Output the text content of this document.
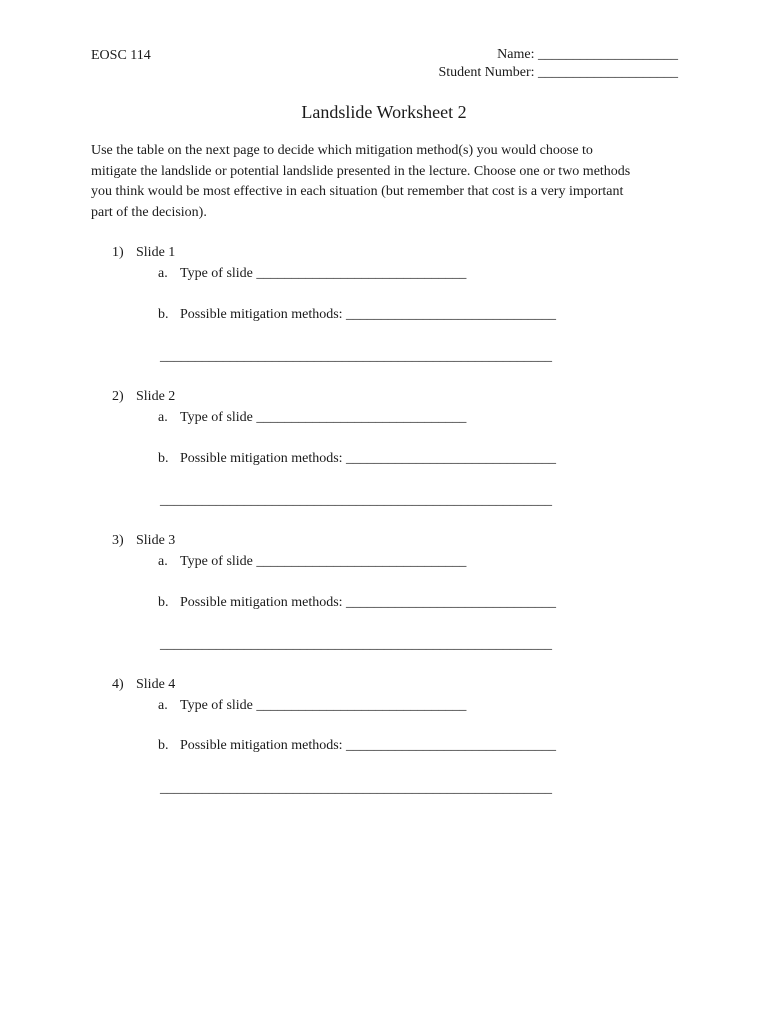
EOSC 114	Name: ____________________
Student Number: ____________________
Landslide Worksheet 2
Use the table on the next page to decide which mitigation method(s) you would choose to
mitigate the landslide or potential landslide presented in the lecture. Choose one or two methods
you think would be most effective in each situation (but remember that cost is a very important
part of the decision).
1) Slide 1
a. Type of slide ______________________________
b. Possible mitigation methods: ______________________________
________________________________________________________
2) Slide 2
a. Type of slide ______________________________
b. Possible mitigation methods: ______________________________
________________________________________________________
3) Slide 3
a. Type of slide ______________________________
b. Possible mitigation methods: ______________________________
________________________________________________________
4) Slide 4
a. Type of slide ______________________________
b. Possible mitigation methods: ______________________________
________________________________________________________
